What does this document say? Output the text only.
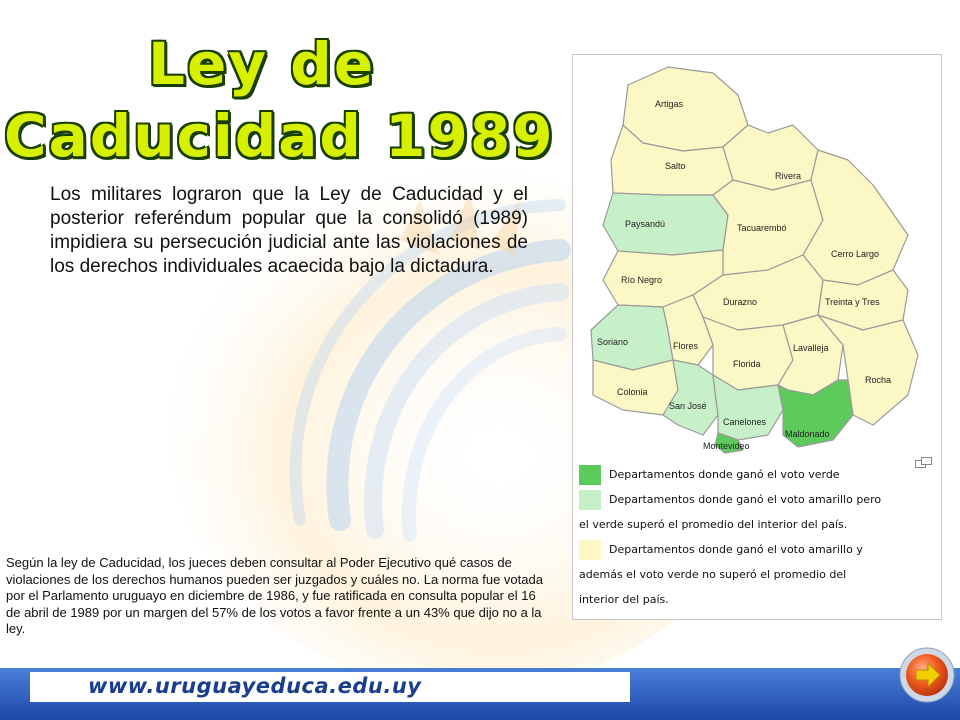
Ley de
Caducidad 1989
Los militares lograron que la Ley de Caducidad y el posterior referéndum popular que la consolidó (1989) impidiera su persecución judicial ante las violaciones de los derechos individuales acaecida bajo la dictadura.
Según la ley de Caducidad, los jueces deben consultar al Poder Ejecutivo qué casos de violaciones de los derechos humanos pueden ser juzgados y cuáles no. La norma fue votada por el Parlamento uruguayo en diciembre de 1986, y fue ratificada en consulta popular el 16 de abril de 1989 por un margen del 57% de los votos a favor frente a un 43% que dijo no a la ley.
Artigas
Salto
Rivera
Paysandú	Tacuarembó
Cerro Largo
Río Negro
Durazno	Treinta y Tres
Soriano	Flores
Florida
Lavalleja
Rocha
Colonia
San José
Canelones
Maldonado
Montevideo
Departamentos donde ganó el voto verde
Departamentos donde ganó el voto amarillo pero
el verde superó el promedio del interior del país.
Departamentos donde ganó el voto amarillo y
además el voto verde no superó el promedio del
interior del país.
www.uruguayeduca.edu.uy
